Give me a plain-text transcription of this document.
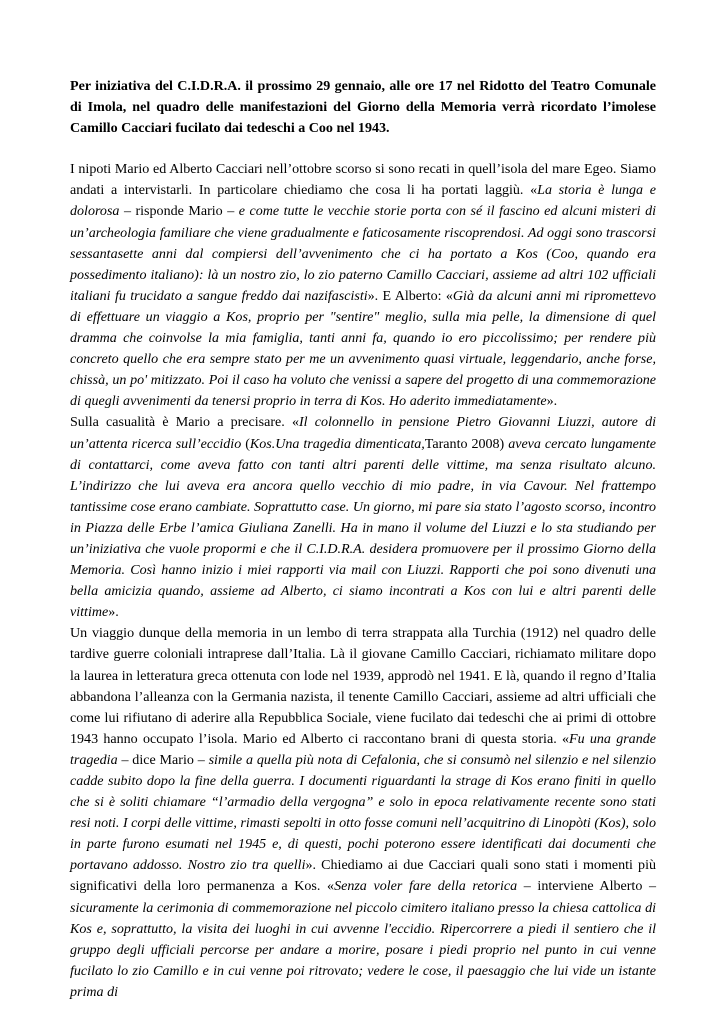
Per iniziativa del C.I.D.R.A. il prossimo 29 gennaio, alle ore 17 nel Ridotto del Teatro Comunale di Imola, nel quadro delle manifestazioni del Giorno della Memoria verrà ricordato l’imolese Camillo Cacciari fucilato dai tedeschi a Coo nel 1943.

I nipoti Mario ed Alberto Cacciari nell’ottobre scorso si sono recati in quell’isola del mare Egeo. Siamo andati a intervistarli. In particolare chiediamo che cosa li ha portati laggiù. «La storia è lunga e dolorosa – risponde Mario – e come tutte le vecchie storie porta con sé il fascino ed alcuni misteri di un’archeologia familiare che viene gradualmente e faticosamente riscoprendosi. Ad oggi sono trascorsi sessantasette anni dal compiersi dell’avvenimento che ci ha portato a Kos (Coo, quando era possedimento italiano): là un nostro zio, lo zio paterno Camillo Cacciari, assieme ad altri 102 ufficiali italiani fu trucidato a sangue freddo dai nazifascisti». E Alberto: «Già da alcuni anni mi ripromettevo di effettuare un viaggio a Kos, proprio per "sentire" meglio, sulla mia pelle, la dimensione di quel dramma che coinvolse la mia famiglia, tanti anni fa, quando io ero piccolissimo; per rendere più concreto quello che era sempre stato per me un avvenimento quasi virtuale, leggendario, anche forse, chissà, un po' mitizzato. Poi il caso ha voluto che venissi a sapere del progetto di una commemorazione di quegli avvenimenti da tenersi proprio in terra di Kos. Ho aderito immediatamente».

Sulla casualità è Mario a precisare. «Il colonnello in pensione Pietro Giovanni Liuzzi, autore di un’attenta ricerca sull’eccidio (Kos.Una tragedia dimenticata,Taranto 2008) aveva cercato lungamente di contattarci, come aveva fatto con tanti altri parenti delle vittime, ma senza risultato alcuno. L’indirizzo che lui aveva era ancora quello vecchio di mio padre, in via Cavour. Nel frattempo tantissime cose erano cambiate. Soprattutto case. Un giorno, mi pare sia stato l’agosto scorso, incontro in Piazza delle Erbe l’amica Giuliana Zanelli. Ha in mano il volume del Liuzzi e lo sta studiando per un’iniziativa che vuole propormi e che il C.I.D.R.A. desidera promuovere per il prossimo Giorno della Memoria. Così hanno inizio i miei rapporti via mail con Liuzzi. Rapporti che poi sono divenuti una bella amicizia quando, assieme ad Alberto, ci siamo incontrati a Kos con lui e altri parenti delle vittime».

Un viaggio dunque della memoria in un lembo di terra strappata alla Turchia (1912) nel quadro delle tardive guerre coloniali intraprese dall’Italia. Là il giovane Camillo Cacciari, richiamato militare dopo la laurea in letteratura greca ottenuta con lode nel 1939, approdò nel 1941. E là, quando il regno d’Italia abbandona l’alleanza con la Germania nazista, il tenente Camillo Cacciari, assieme ad altri ufficiali che come lui rifiutano di aderire alla Repubblica Sociale, viene fucilato dai tedeschi che ai primi di ottobre 1943 hanno occupato l’isola. Mario ed Alberto ci raccontano brani di questa storia. «Fu una grande tragedia – dice Mario – simile a quella più nota di Cefalonia, che si consumò nel silenzio e nel silenzio cadde subito dopo la fine della guerra. I documenti riguardanti la strage di Kos erano finiti in quello che si è soliti chiamare “l’armadio della vergogna” e solo in epoca relativamente recente sono stati resi noti. I corpi delle vittime, rimasti sepolti in otto fosse comuni nell’acquitrino di Linopòti (Kos), solo in parte furono esumati nel 1945 e, di questi, pochi poterono essere identificati dai documenti che portavano addosso. Nostro zio tra quelli». Chiediamo ai due Cacciari quali sono stati i momenti più significativi della loro permanenza a Kos. «Senza voler fare della retorica – interviene Alberto – sicuramente la cerimonia di commemorazione nel piccolo cimitero italiano presso la chiesa cattolica di Kos e, soprattutto, la visita dei luoghi in cui avvenne l'eccidio. Ripercorrere a piedi il sentiero che il gruppo degli ufficiali percorse per andare a morire, posare i piedi proprio nel punto in cui venne fucilato lo zio Camillo e in cui venne poi ritrovato; vedere le cose, il paesaggio che lui vide un istante prima di
